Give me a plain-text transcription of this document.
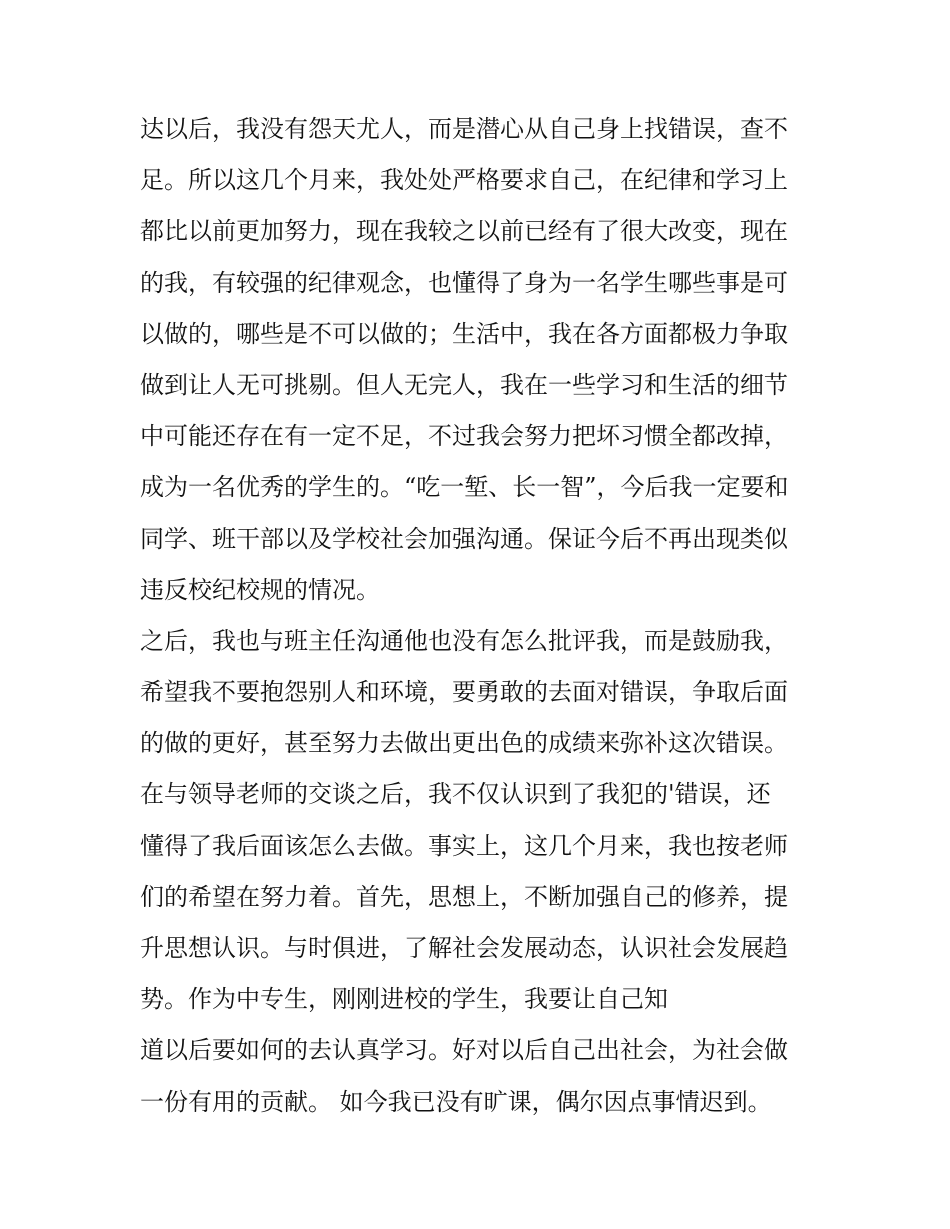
达以后，我没有怨天尤人，而是潜心从自己身上找错误，查不
足。所以这几个月来，我处处严格要求自己，在纪律和学习上
都比以前更加努力，现在我较之以前已经有了很大改变，现在
的我，有较强的纪律观念，也懂得了身为一名学生哪些事是可
以做的，哪些是不可以做的；生活中，我在各方面都极力争取
做到让人无可挑剔。但人无完人，我在一些学习和生活的细节
中可能还存在有一定不足，不过我会努力把坏习惯全都改掉，
成为一名优秀的学生的。“吃一堑、长一智”，今后我一定要和
同学、班干部以及学校社会加强沟通。保证今后不再出现类似
违反校纪校规的情况。
之后，我也与班主任沟通他也没有怎么批评我，而是鼓励我，
希望我不要抱怨别人和环境，要勇敢的去面对错误，争取后面
的做的更好，甚至努力去做出更出色的成绩来弥补这次错误。
在与领导老师的交谈之后，我不仅认识到了我犯的'错误，还
懂得了我后面该怎么去做。事实上，这几个月来，我也按老师
们的希望在努力着。首先，思想上，不断加强自己的修养，提
升思想认识。与时俱进，了解社会发展动态，认识社会发展趋
势。作为中专生，刚刚进校的学生，我要让自己知
道以后要如何的去认真学习。好对以后自己出社会，为社会做
一份有用的贡献。 如今我已没有旷课，偶尔因点事情迟到。
